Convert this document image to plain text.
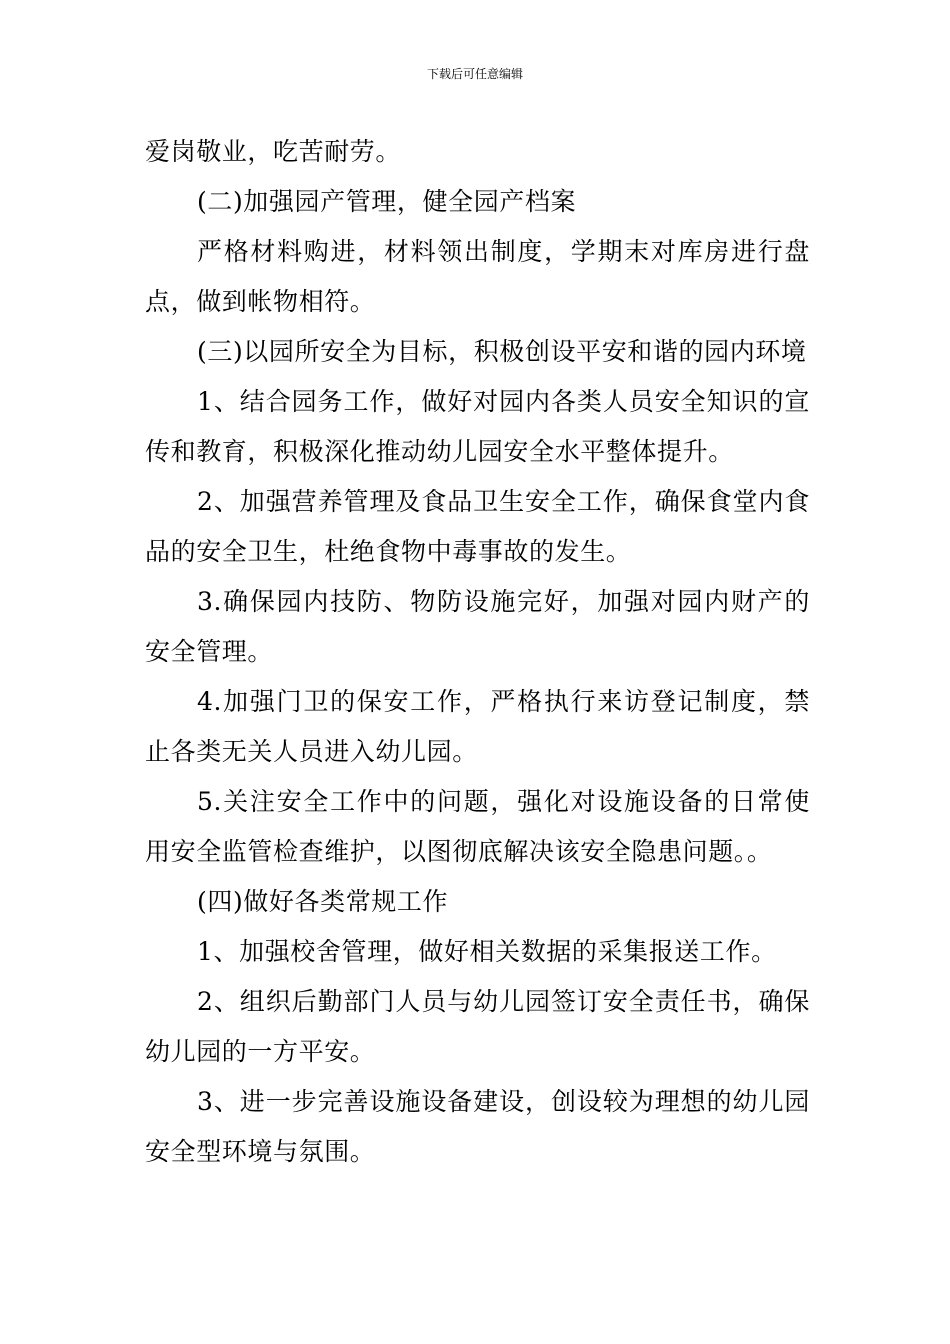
下载后可任意编辑

爱岗敬业，吃苦耐劳。

(二)加强园产管理，健全园产档案

严格材料购进，材料领出制度，学期末对库房进行盘点，做到帐物相符。

(三)以园所安全为目标，积极创设平安和谐的园内环境

1、结合园务工作，做好对园内各类人员安全知识的宣传和教育，积极深化推动幼儿园安全水平整体提升。

2、加强营养管理及食品卫生安全工作，确保食堂内食品的安全卫生，杜绝食物中毒事故的发生。

3.确保园内技防、物防设施完好，加强对园内财产的安全管理。

4.加强门卫的保安工作，严格执行来访登记制度，禁止各类无关人员进入幼儿园。

5.关注安全工作中的问题，强化对设施设备的日常使用安全监管检查维护，以图彻底解决该安全隐患问题。。

(四)做好各类常规工作

1、加强校舍管理，做好相关数据的采集报送工作。

2、组织后勤部门人员与幼儿园签订安全责任书，确保幼儿园的一方平安。

3、进一步完善设施设备建设，创设较为理想的幼儿园安全型环境与氛围。
